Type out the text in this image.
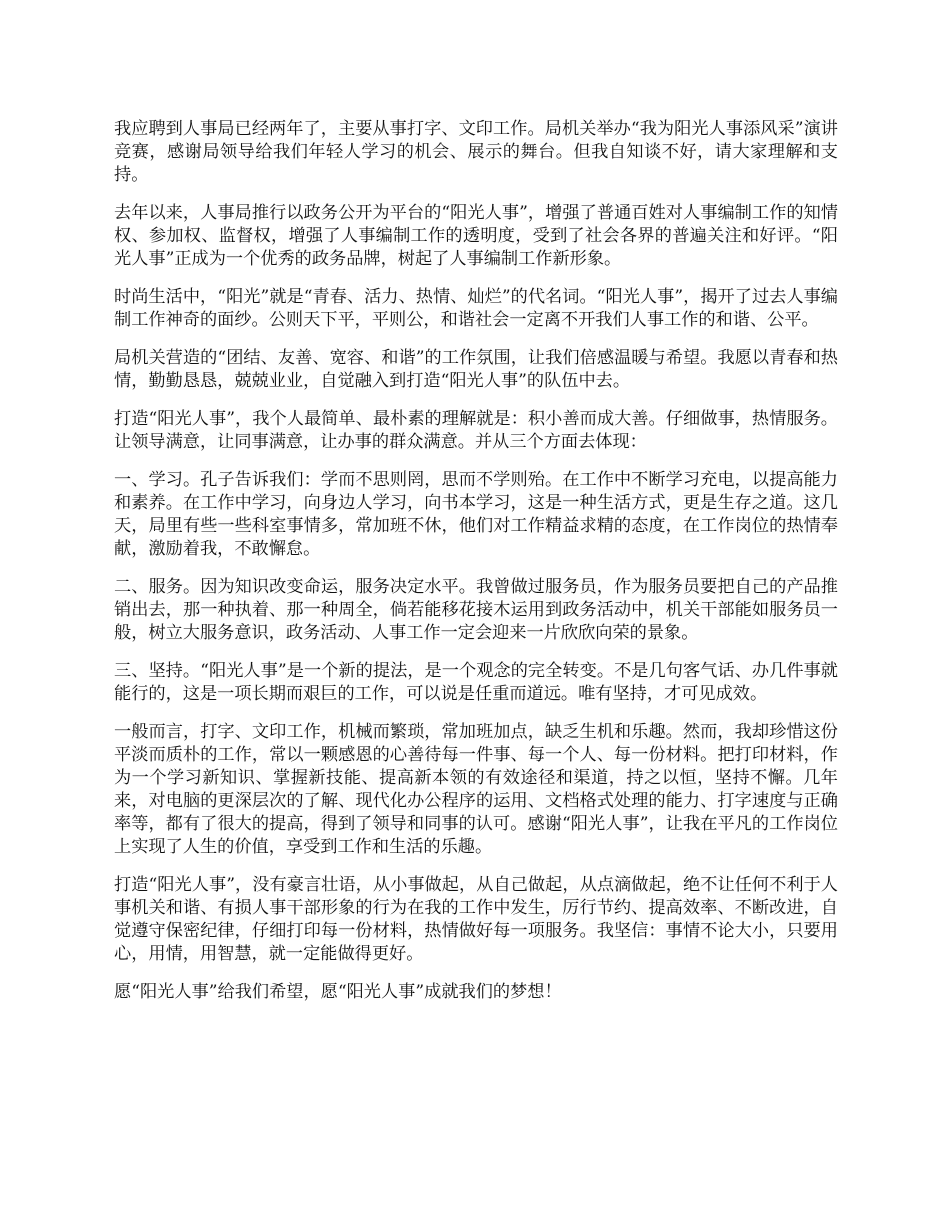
我应聘到人事局已经两年了，主要从事打字、文印工作。局机关举办“我为阳光人事添风采”演讲竞赛，感谢局领导给我们年轻人学习的机会、展示的舞台。但我自知谈不好，请大家理解和支持。

去年以来，人事局推行以政务公开为平台的“阳光人事”，增强了普通百姓对人事编制工作的知情权、参加权、监督权，增强了人事编制工作的透明度，受到了社会各界的普遍关注和好评。“阳光人事”正成为一个优秀的政务品牌，树起了人事编制工作新形象。

时尚生活中，“阳光”就是“青春、活力、热情、灿烂”的代名词。“阳光人事”，揭开了过去人事编制工作神奇的面纱。公则天下平，平则公，和谐社会一定离不开我们人事工作的和谐、公平。

局机关营造的“团结、友善、宽容、和谐”的工作氛围，让我们倍感温暖与希望。我愿以青春和热情，勤勤恳恳，兢兢业业，自觉融入到打造“阳光人事”的队伍中去。

打造“阳光人事”，我个人最简单、最朴素的理解就是：积小善而成大善。仔细做事，热情服务。让领导满意，让同事满意，让办事的群众满意。并从三个方面去体现：

一、学习。孔子告诉我们：学而不思则罔，思而不学则殆。在工作中不断学习充电，以提高能力和素养。在工作中学习，向身边人学习，向书本学习，这是一种生活方式，更是生存之道。这几天，局里有些一些科室事情多，常加班不休，他们对工作精益求精的态度，在工作岗位的热情奉献，激励着我，不敢懈怠。

二、服务。因为知识改变命运，服务决定水平。我曾做过服务员，作为服务员要把自己的产品推销出去，那一种执着、那一种周全，倘若能移花接木运用到政务活动中，机关干部能如服务员一般，树立大服务意识，政务活动、人事工作一定会迎来一片欣欣向荣的景象。

三、坚持。“阳光人事”是一个新的提法，是一个观念的完全转变。不是几句客气话、办几件事就能行的，这是一项长期而艰巨的工作，可以说是任重而道远。唯有坚持，才可见成效。

一般而言，打字、文印工作，机械而繁琐，常加班加点，缺乏生机和乐趣。然而，我却珍惜这份平淡而质朴的工作，常以一颗感恩的心善待每一件事、每一个人、每一份材料。把打印材料，作为一个学习新知识、掌握新技能、提高新本领的有效途径和渠道，持之以恒，坚持不懈。几年来，对电脑的更深层次的了解、现代化办公程序的运用、文档格式处理的能力、打字速度与正确率等，都有了很大的提高，得到了领导和同事的认可。感谢“阳光人事”，让我在平凡的工作岗位上实现了人生的价值，享受到工作和生活的乐趣。

打造“阳光人事”，没有豪言壮语，从小事做起，从自己做起，从点滴做起，绝不让任何不利于人事机关和谐、有损人事干部形象的行为在我的工作中发生，厉行节约、提高效率、不断改进，自觉遵守保密纪律，仔细打印每一份材料，热情做好每一项服务。我坚信：事情不论大小，只要用心，用情，用智慧，就一定能做得更好。

愿“阳光人事”给我们希望，愿“阳光人事”成就我们的梦想！
